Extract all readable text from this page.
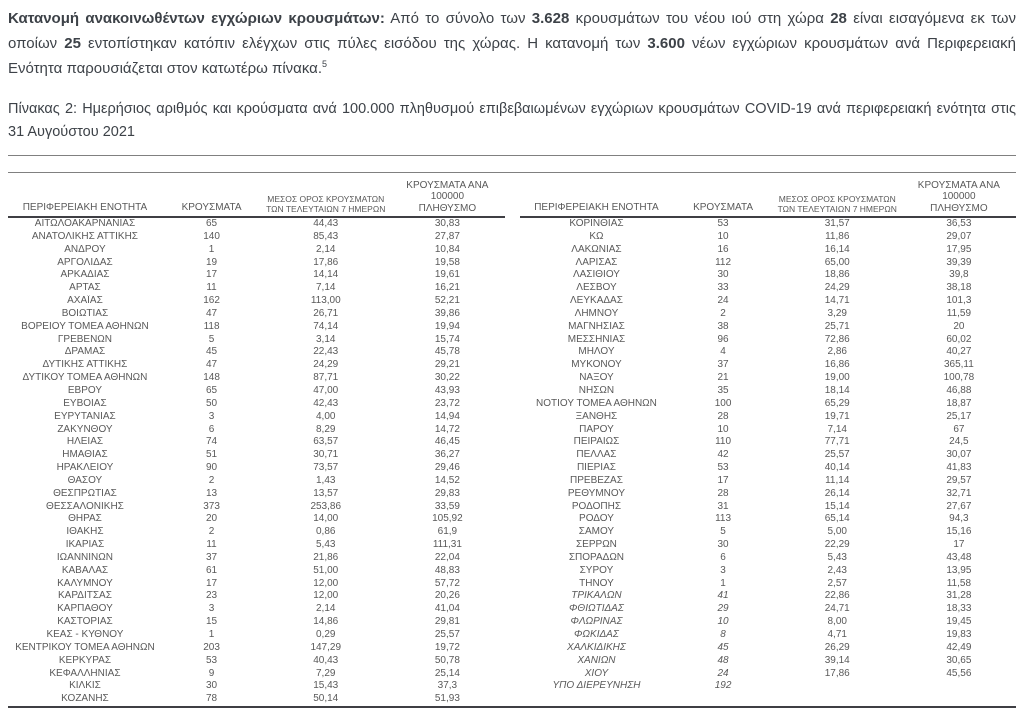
Κατανομή ανακοινωθέντων εγχώριων κρουσμάτων: Από το σύνολο των 3.628 κρουσμάτων του νέου ιού στη χώρα 28 είναι εισαγόμενα εκ των οποίων 25 εντοπίστηκαν κατόπιν ελέγχων στις πύλες εισόδου της χώρας. Η κατανομή των 3.600 νέων εγχώριων κρουσμάτων ανά Περιφερειακή Ενότητα παρουσιάζεται στον κατωτέρω πίνακα.$^5$

Πίνακας 2: Ημερήσιος αριθμός και κρούσματα ανά 100.000 πληθυσμού επιβεβαιωμένων εγχώριων κρουσμάτων COVID-19 ανά περιφερειακή ενότητα στις 31 Αυγούστου 2021

ΠΕΡΙΦΕΡΕΙΑΚΗ ΕΝΟΤΗΤΑ	ΚΡΟΥΣΜΑΤΑ
ΜΕΣΟΣ ΟΡΟΣ ΚΡΟΥΣΜΑΤΩΝ
ΤΩΝ ΤΕΛΕΥΤΑΙΩΝ 7 ΗΜΕΡΩΝ
ΚΡΟΥΣΜΑΤΑ ΑΝΑ 100000
ΠΛΗΘΥΣΜΟ
ΑΙΤΩΛΟΑΚΑΡΝΑΝΙΑΣ	65	44,43	30,83
ΑΝΑΤΟΛΙΚΗΣ ΑΤΤΙΚΗΣ	140	85,43	27,87
ΑΝΔΡΟΥ	1	2,14	10,84
ΑΡΓΟΛΙΔΑΣ	19	17,86	19,58
ΑΡΚΑΔΙΑΣ	17	14,14	19,61
ΑΡΤΑΣ	11	7,14	16,21
ΑΧΑΪΑΣ	162	113,00	52,21
ΒΟΙΩΤΙΑΣ	47	26,71	39,86
ΒΟΡΕΙΟΥ ΤΟΜΕΑ ΑΘΗΝΩΝ	118	74,14	19,94
ΓΡΕΒΕΝΩΝ	5	3,14	15,74
ΔΡΑΜΑΣ	45	22,43	45,78
ΔΥΤΙΚΗΣ ΑΤΤΙΚΗΣ	47	24,29	29,21
ΔΥΤΙΚΟΥ ΤΟΜΕΑ ΑΘΗΝΩΝ	148	87,71	30,22
ΕΒΡΟΥ	65	47,00	43,93
ΕΥΒΟΙΑΣ	50	42,43	23,72
ΕΥΡΥΤΑΝΙΑΣ	3	4,00	14,94
ΖΑΚΥΝΘΟΥ	6	8,29	14,72
ΗΛΕΙΑΣ	74	63,57	46,45
ΗΜΑΘΙΑΣ	51	30,71	36,27
ΗΡΑΚΛΕΙΟΥ	90	73,57	29,46
ΘΑΣΟΥ	2	1,43	14,52
ΘΕΣΠΡΩΤΙΑΣ	13	13,57	29,83
ΘΕΣΣΑΛΟΝΙΚΗΣ	373	253,86	33,59
ΘΗΡΑΣ	20	14,00	105,92
ΙΘΑΚΗΣ	2	0,86	61,9
ΙΚΑΡΙΑΣ	11	5,43	111,31
ΙΩΑΝΝΙΝΩΝ	37	21,86	22,04
ΚΑΒΑΛΑΣ	61	51,00	48,83
ΚΑΛΥΜΝΟΥ	17	12,00	57,72
ΚΑΡΔΙΤΣΑΣ	23	12,00	20,26
ΚΑΡΠΑΘΟΥ	3	2,14	41,04
ΚΑΣΤΟΡΙΑΣ	15	14,86	29,81
ΚΕΑΣ - ΚΥΘΝΟΥ	1	0,29	25,57
ΚΕΝΤΡΙΚΟΥ ΤΟΜΕΑ ΑΘΗΝΩΝ	203	147,29	19,72
ΚΕΡΚΥΡΑΣ	53	40,43	50,78
ΚΕΦΑΛΛΗΝΙΑΣ	9	7,29	25,14
ΚΙΛΚΙΣ	30	15,43	37,3
ΚΟΖΑΝΗΣ	78	50,14	51,93
ΠΕΡΙΦΕΡΕΙΑΚΗ ΕΝΟΤΗΤΑ	ΚΡΟΥΣΜΑΤΑ
ΜΕΣΟΣ ΟΡΟΣ ΚΡΟΥΣΜΑΤΩΝ
ΤΩΝ ΤΕΛΕΥΤΑΙΩΝ 7 ΗΜΕΡΩΝ
ΚΡΟΥΣΜΑΤΑ ΑΝΑ 100000
ΠΛΗΘΥΣΜΟ
ΚΟΡΙΝΘΙΑΣ	53	31,57	36,53
ΚΩ	10	11,86	29,07
ΛΑΚΩΝΙΑΣ	16	16,14	17,95
ΛΑΡΙΣΑΣ	112	65,00	39,39
ΛΑΣΙΘΙΟΥ	30	18,86	39,8
ΛΕΣΒΟΥ	33	24,29	38,18
ΛΕΥΚΑΔΑΣ	24	14,71	101,3
ΛΗΜΝΟΥ	2	3,29	11,59
ΜΑΓΝΗΣΙΑΣ	38	25,71	20
ΜΕΣΣΗΝΙΑΣ	96	72,86	60,02
ΜΗΛΟΥ	4	2,86	40,27
ΜΥΚΟΝΟΥ	37	16,86	365,11
ΝΑΞΟΥ	21	19,00	100,78
ΝΗΣΩΝ	35	18,14	46,88
ΝΟΤΙΟΥ ΤΟΜΕΑ ΑΘΗΝΩΝ	100	65,29	18,87
ΞΑΝΘΗΣ	28	19,71	25,17
ΠΑΡΟΥ	10	7,14	67
ΠΕΙΡΑΙΩΣ	110	77,71	24,5
ΠΕΛΛΑΣ	42	25,57	30,07
ΠΙΕΡΙΑΣ	53	40,14	41,83
ΠΡΕΒΕΖΑΣ	17	11,14	29,57
ΡΕΘΥΜΝΟΥ	28	26,14	32,71
ΡΟΔΟΠΗΣ	31	15,14	27,67
ΡΟΔΟΥ	113	65,14	94,3
ΣΑΜΟΥ	5	5,00	15,16
ΣΕΡΡΩΝ	30	22,29	17
ΣΠΟΡΑΔΩΝ	6	5,43	43,48
ΣΥΡΟΥ	3	2,43	13,95
ΤΗΝΟΥ	1	2,57	11,58
ΤΡΙΚΑΛΩΝ	41	22,86	31,28
ΦΘΙΩΤΙΔΑΣ	29	24,71	18,33
ΦΛΩΡΙΝΑΣ	10	8,00	19,45
ΦΩΚΙΔΑΣ	8	4,71	19,83
ΧΑΛΚΙΔΙΚΗΣ	45	26,29	42,49
ΧΑΝΙΩΝ	48	39,14	30,65
ΧΙΟΥ	24	17,86	45,56
ΥΠΟ ΔΙΕΡΕΥΝΗΣΗ	192
